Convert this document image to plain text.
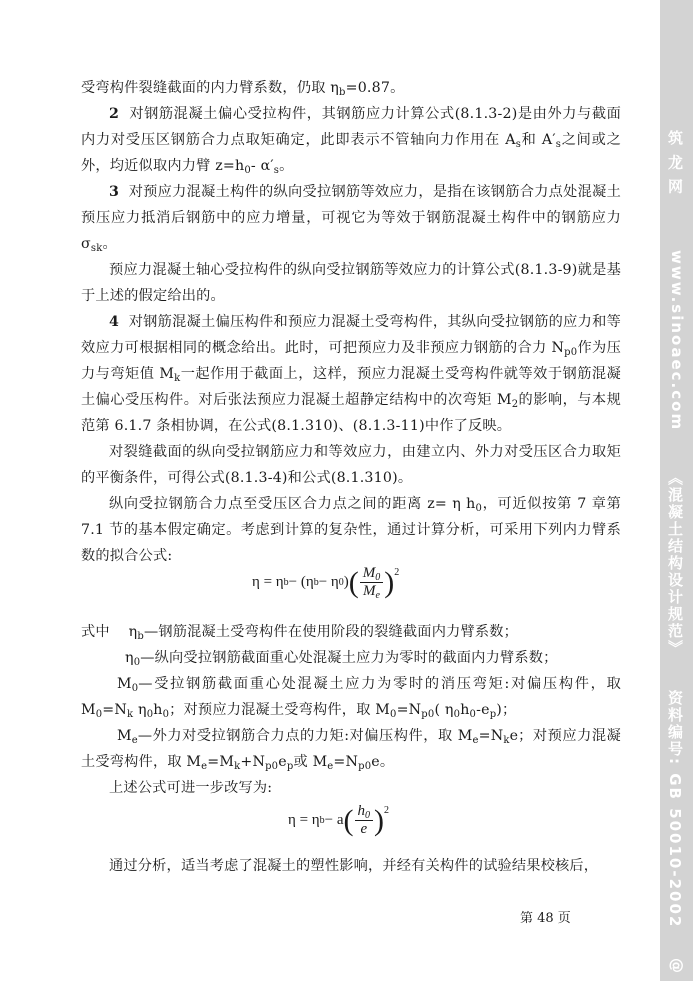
受弯构件裂缝截面的内力臂系数，仍取 $\eta_b=0.87$。

2 对钢筋混凝土偏心受拉构件，其钢筋应力计算公式(8.1.3-2)是由外力与截面内力对受压区钢筋合力点取矩确定，此即表示不管轴向力作用在 $A_s$和 $A'_s$之间或之外，均近似取内力臂 $z=h_0-$ $\alpha'_s$。

3 对预应力混凝土构件的纵向受拉钢筋等效应力，是指在该钢筋合力点处混凝土预压应力抵消后钢筋中的应力增量，可视它为等效于钢筋混凝土构件中的钢筋应力 $\sigma_{sk}$。

预应力混凝土轴心受拉构件的纵向受拉钢筋等效应力的计算公式(8.1.3-9)就是基于上述的假定给出的。

4 对钢筋混凝土偏压构件和预应力混凝土受弯构件，其纵向受拉钢筋的应力和等效应力可根据相同的概念给出。此时，可把预应力及非预应力钢筋的合力 $N_{p0}$作为压力与弯矩值 $M_k$一起作用于截面上，这样，预应力混凝土受弯构件就等效于钢筋混凝土偏心受压构件。对后张法预应力混凝土超静定结构中的次弯矩 $M_2$的影响，与本规范第 6.1.7 条相协调，在公式(8.1.310)、(8.1.3-11)中作了反映。

对裂缝截面的纵向受拉钢筋应力和等效应力，由建立内、外力对受压区合力取矩的平衡条件，可得公式(8.1.3-4)和公式(8.1.310)。

纵向受拉钢筋合力点至受压区合力点之间的距离 z= η $h_0$，可近似按第 7 章第 7.1 节的基本假定确定。考虑到计算的复杂性，通过计算分析，可采用下列内力臂系数的拟合公式:

η = η b − (η b − η 0 ) ( $\frac{M_0}{M_e}$ ) 2

式中 $\eta_b—$钢筋混凝土受弯构件在使用阶段的裂缝截面内力臂系数；

$\eta_0—$纵向受拉钢筋截面重心处混凝土应力为零时的截面内力臂系数；

$M_0—$受拉钢筋截面重心处混凝土应力为零时的消压弯矩:对偏压构件，取 $M_0=N_k$ $\eta_0h_0$；对预应力混凝土受弯构件，取 $M_0=N_{p0}$( $\eta_0h_0-e_p$)；

$M_e—$外力对受拉钢筋合力点的力矩:对偏压构件，取 $M_e=N_ke$；对预应力混凝土受弯构件，取 $M_e=M_k+N_{p0}e_p$或 $M_e=N_{p0}e$。

上述公式可进一步改写为:

η = η b − a ( $\frac{h_0}{e}$ ) 2

通过分析，适当考虑了混凝土的塑性影响，并经有关构件的试验结果校核后，

第 48 页
筑 龙 网
www.sinoaec.com
《混凝土结构设计规范》
资料编号: GB 50010-2002
@
